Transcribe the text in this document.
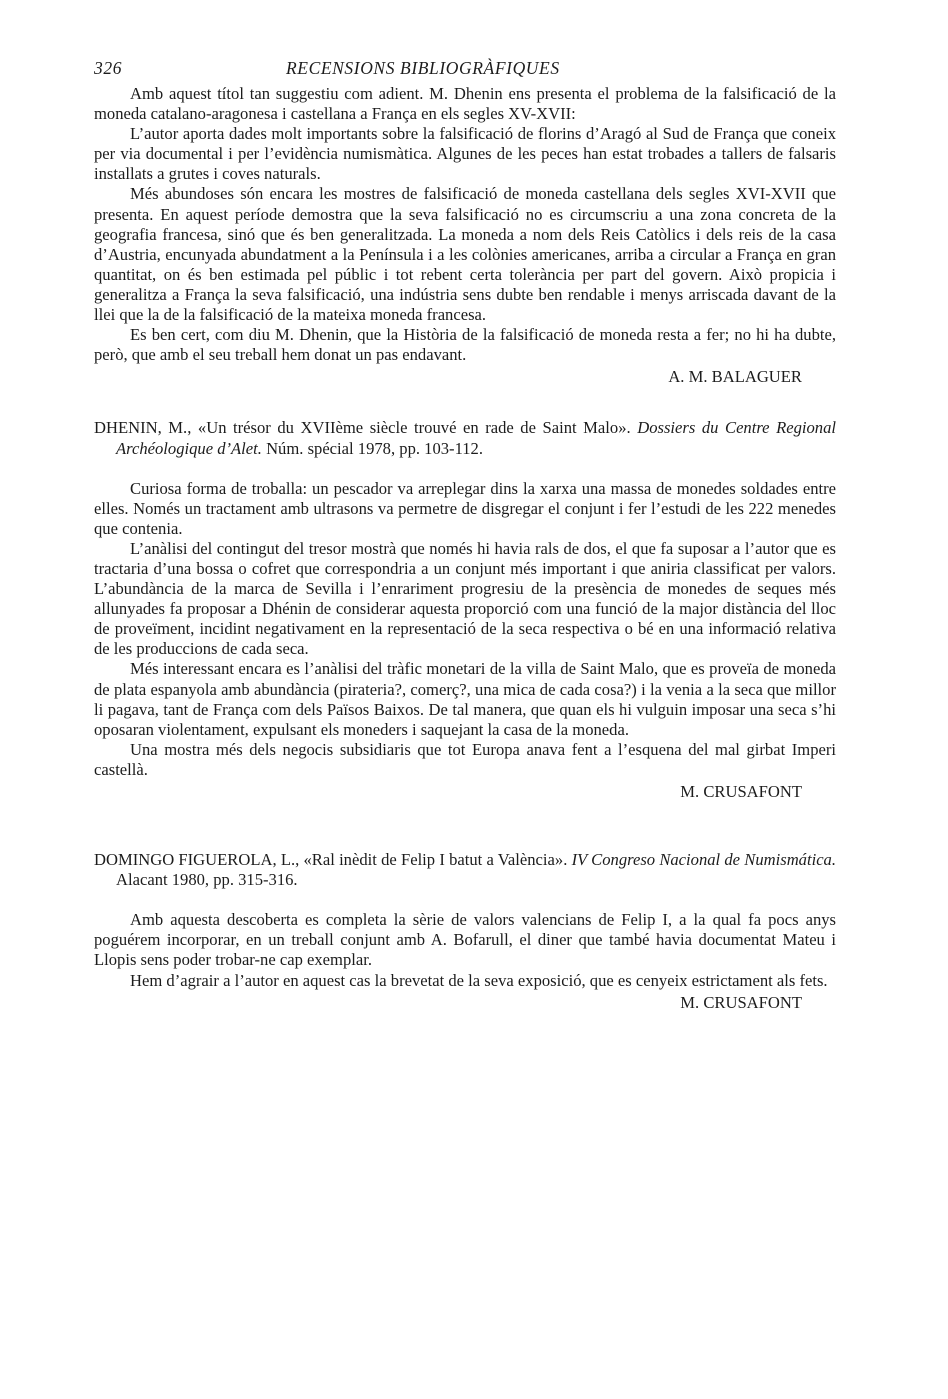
326	RECENSIONS BIBLIOGRÀFIQUES

Amb aquest títol tan suggestiu com adient. M. Dhenin ens presenta el problema de la falsificació de la moneda catalano-aragonesa i castellana a França en els segles XV-XVII:

L’autor aporta dades molt importants sobre la falsificació de florins d’Aragó al Sud de França que coneix per via documental i per l’evidència numismàtica. Algunes de les peces han estat trobades a tallers de falsaris installats a grutes i coves naturals.

Més abundoses són encara les mostres de falsificació de moneda castellana dels segles XVI-XVII que presenta. En aquest període demostra que la seva falsificació no es circumscriu a una zona concreta de la geografia francesa, sinó que és ben generalitzada. La moneda a nom dels Reis Catòlics i dels reis de la casa d’Austria, encunyada abundatment a la Península i a les colònies americanes, arriba a circular a França en gran quantitat, on és ben estimada pel públic i tot rebent certa tolerància per part del govern. Això propicia i generalitza a França la seva falsificació, una indústria sens dubte ben rendable i menys arriscada davant de la llei que la de la falsificació de la mateixa moneda francesa.

Es ben cert, com diu M. Dhenin, que la Història de la falsificació de moneda resta a fer; no hi ha dubte, però, que amb el seu treball hem donat un pas endavant.

A. M. BALAGUER

DHENIN, M., «Un trésor du XVIIème siècle trouvé en rade de Saint Malo». Dossiers du Centre Regional Archéologique d’Alet. Núm. spécial 1978, pp. 103-112.

Curiosa forma de troballa: un pescador va arreplegar dins la xarxa una massa de monedes soldades entre elles. Només un tractament amb ultrasons va permetre de disgregar el conjunt i fer l’estudi de les 222 menedes que contenia.

L’anàlisi del contingut del tresor mostrà que només hi havia rals de dos, el que fa suposar a l’autor que es tractaria d’una bossa o cofret que correspondria a un conjunt més important i que aniria classificat per valors. L’abundància de la marca de Sevilla i l’enrariment progresiu de la presència de monedes de seques més allunyades fa proposar a Dhénin de considerar aquesta proporció com una funció de la major distància del lloc de proveïment, incidint negativament en la representació de la seca respectiva o bé en una informació relativa de les produccions de cada seca.

Més interessant encara es l’anàlisi del tràfic monetari de la villa de Saint Malo, que es proveïa de moneda de plata espanyola amb abundància (pirateria?, comerç?, una mica de cada cosa?) i la venia a la seca que millor li pagava, tant de França com dels Països Baixos. De tal manera, que quan els hi vulguin imposar una seca s’hi oposaran violentament, expulsant els moneders i saquejant la casa de la moneda.

Una mostra més dels negocis subsidiaris que tot Europa anava fent a l’esquena del mal girbat Imperi castellà.

M. CRUSAFONT

DOMINGO FIGUEROLA, L., «Ral inèdit de Felip I batut a València». IV Congreso Nacional de Numismática. Alacant 1980, pp. 315-316.

Amb aquesta descoberta es completa la sèrie de valors valencians de Felip I, a la qual fa pocs anys poguérem incorporar, en un treball conjunt amb A. Bofarull, el diner que també havia documentat Mateu i Llopis sens poder trobar-ne cap exemplar.

Hem d’agrair a l’autor en aquest cas la brevetat de la seva exposició, que es cenyeix estrictament als fets.

M. CRUSAFONT
